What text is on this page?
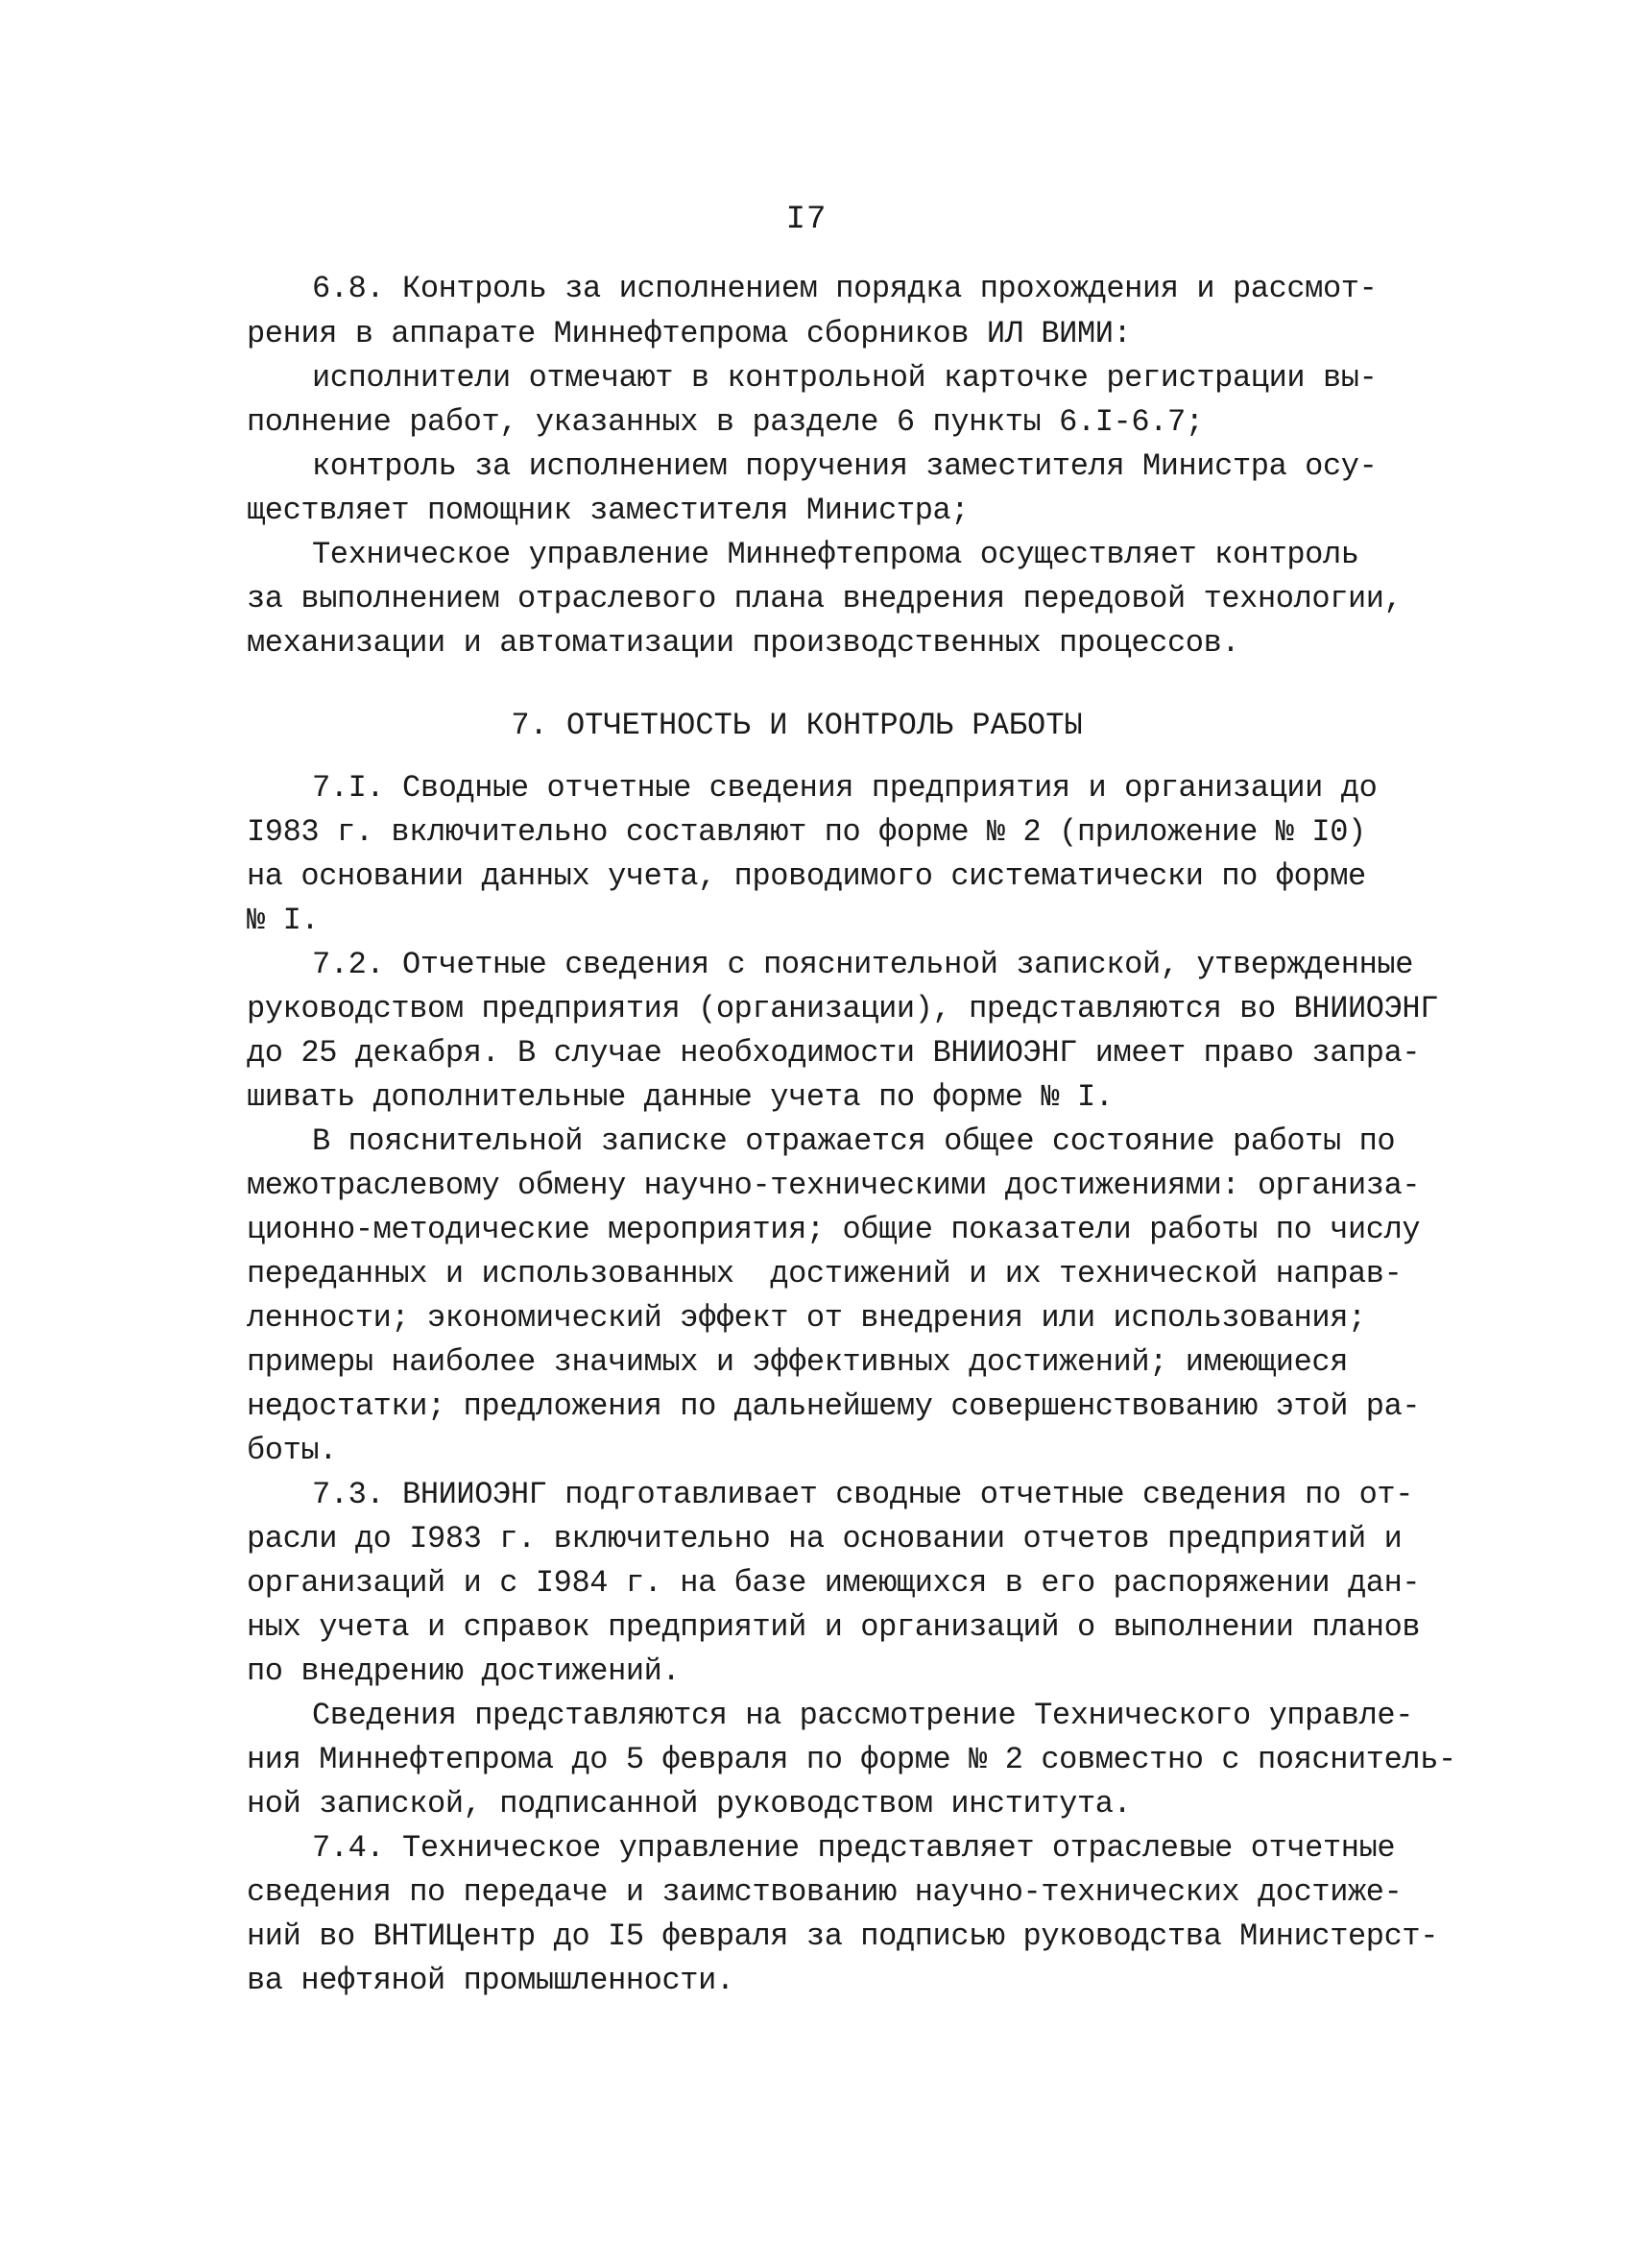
I7
6.8. Контроль за исполнением порядка прохождения и рассмот-
рения в аппарате Миннефтепрома сборников ИЛ ВИМИ:
исполнители отмечают в контрольной карточке регистрации вы-
полнение работ, указанных в разделе 6 пункты 6.I-6.7;
контроль за исполнением поручения заместителя Министра осу-
ществляет помощник заместителя Министра;
Техническое управление Миннефтепрома осуществляет контроль
за выполнением отраслевого плана внедрения передовой технологии,
механизации и автоматизации производственных процессов.
7. ОТЧЕТНОСТЬ И КОНТРОЛЬ РАБОТЫ
7.I. Сводные отчетные сведения предприятия и организации до
I983 г. включительно составляют по форме № 2 (приложение № I0)
на основании данных учета, проводимого систематически по форме
№ I.
7.2. Отчетные сведения с пояснительной запиской, утвержденные
руководством предприятия (организации), представляются во ВНИИОЭНГ
до 25 декабря. В случае необходимости ВНИИОЭНГ имеет право запра-
шивать дополнительные данные учета по форме № I.
В пояснительной записке отражается общее состояние работы по
межотраслевому обмену научно-техническими достижениями: организа-
ционно-методические мероприятия; общие показатели работы по числу
переданных и использованных  достижений и их технической направ-
ленности; экономический эффект от внедрения или использования;
примеры наиболее значимых и эффективных достижений; имеющиеся
недостатки; предложения по дальнейшему совершенствованию этой ра-
боты.
7.3. ВНИИОЭНГ подготавливает сводные отчетные сведения по от-
расли до I983 г. включительно на основании отчетов предприятий и
организаций и с I984 г. на базе имеющихся в его распоряжении дан-
ных учета и справок предприятий и организаций о выполнении планов
по внедрению достижений.
Сведения представляются на рассмотрение Технического управле-
ния Миннефтепрома до 5 февраля по форме № 2 совместно с пояснитель-
ной запиской, подписанной руководством института.
7.4. Техническое управление представляет отраслевые отчетные
сведения по передаче и заимствованию научно-технических достиже-
ний во ВНТИЦентр до I5 февраля за подписью руководства Министерст-
ва нефтяной промышленности.
